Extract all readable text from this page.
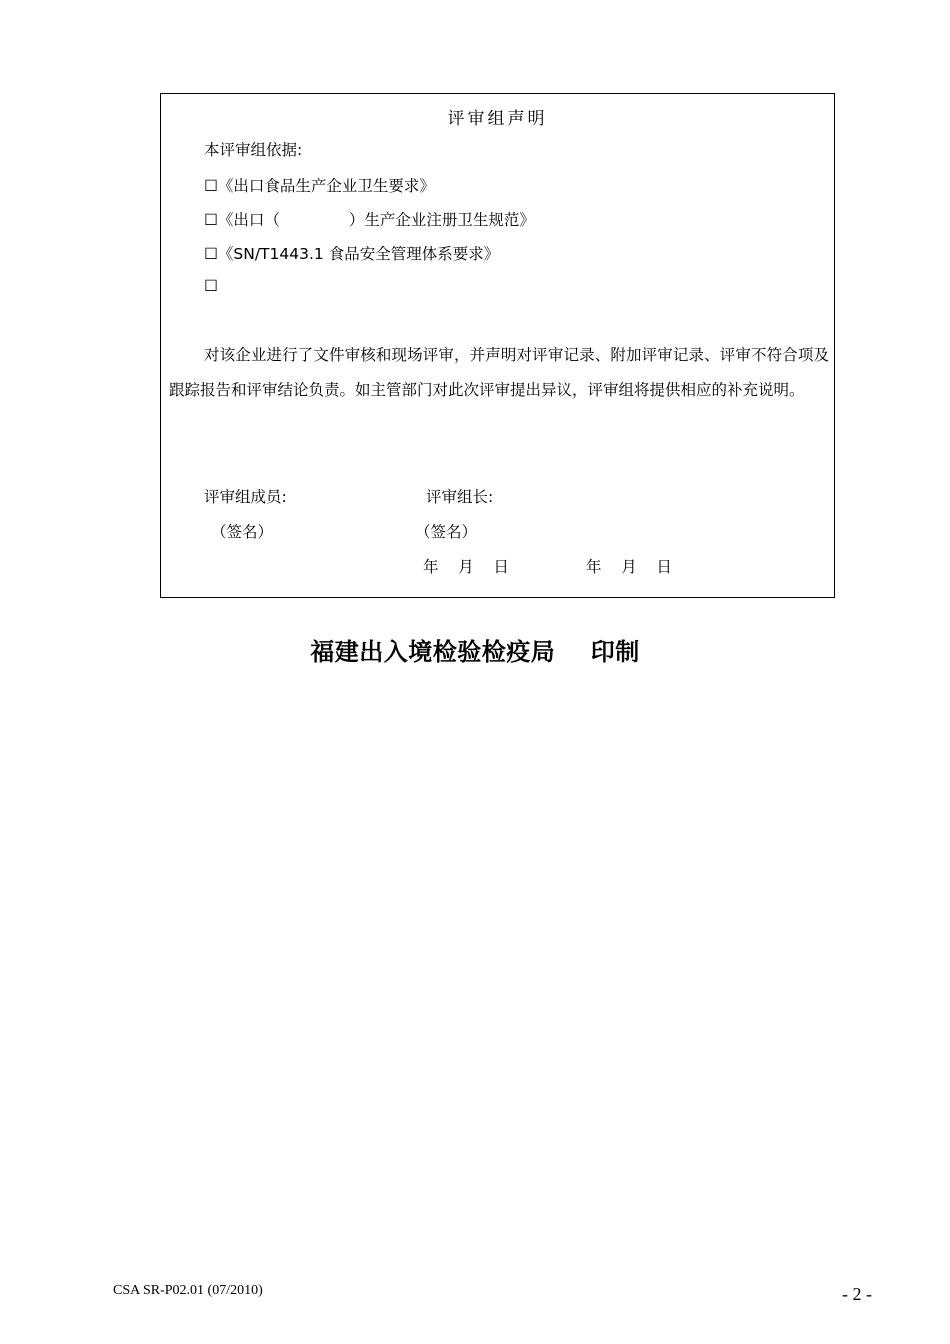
评审组声明
本评审组依据:
☐《出口食品生产企业卫生要求》
☐《出口（              ）生产企业注册卫生规范》
☐《SN/T1443.1 食品安全管理体系要求》
☐
对该企业进行了文件审核和现场评审，并声明对评审记录、附加评审记录、评审不符合项及跟踪报告和评审结论负责。如主管部门对此次评审提出异议，评审组将提供相应的补充说明。
评审组成员:	评审组长:
（签名）	（签名）
年    月    日	年    月    日
福建出入境检验检疫局    印制
CSA SR-P02.01 (07/2010)	- 2 -
